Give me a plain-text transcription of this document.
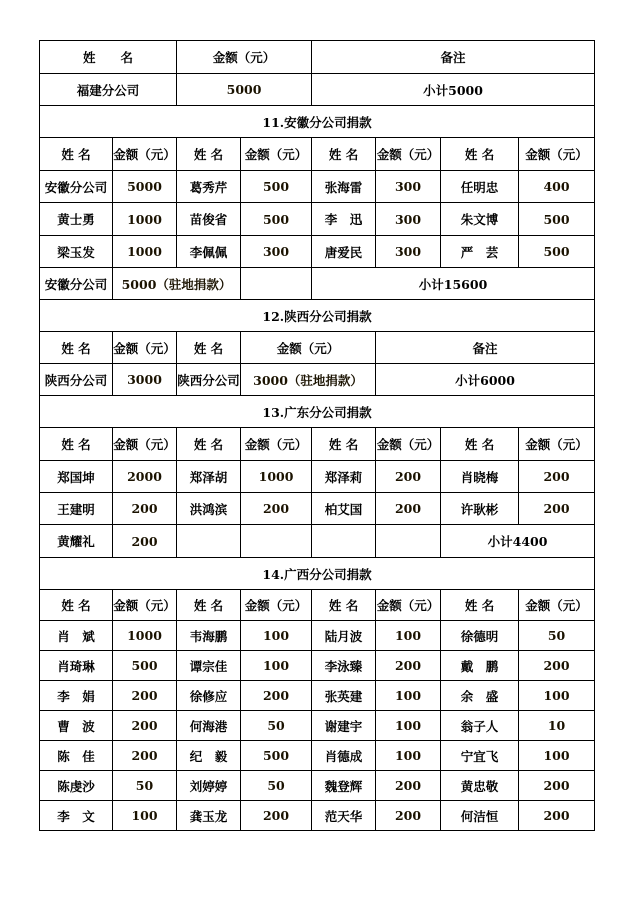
姓　　名		金额（元）		备注			
福建分公司		5000		小计5000			
11.安徽分公司捐款							
姓 名	金额（元）	姓 名	金额（元）	姓 名	金额（元）	姓 名	金额（元）
安徽分公司	5000	葛秀芹	500	张海雷	300	任明忠	400
黄士勇	1000	苗俊省	500	李　迅	300	朱文博	500
梁玉发	1000	李佩佩	300	唐爱民	300	严　芸	500
安徽分公司	5000（驻地捐款）			小计15600			
12.陕西分公司捐款							
姓 名	金额（元）	姓 名	金额（元）		备注		
陕西分公司	3000	陕西分公司	3000（驻地捐款）		小计6000		
13.广东分公司捐款							
姓 名	金额（元）	姓 名	金额（元）	姓 名	金额（元）	姓 名	金额（元）
郑国坤	2000	郑泽胡	1000	郑泽莉	200	肖晓梅	200
王建明	200	洪鸿滨	200	柏艾国	200	许耿彬	200
黄耀礼	200					小计4400	
14.广西分公司捐款							
姓 名	金额（元）	姓 名	金额（元）	姓 名	金额（元）	姓 名	金额（元）
肖　斌	1000	韦海鹏	100	陆月波	100	徐德明	50
肖琦琳	500	谭宗佳	100	李泳臻	200	戴　鹏	200
李　娟	200	徐修应	200	张英建	100	余　盛	100
曹　波	200	何海港	50	谢建宇	100	翁子人	10
陈　佳	200	纪　毅	500	肖德成	100	宁宜飞	100
陈虔沙	50	刘婷婷	50	魏登辉	200	黄忠敬	200
李　文	100	龚玉龙	200	范天华	200	何洁恒	200
